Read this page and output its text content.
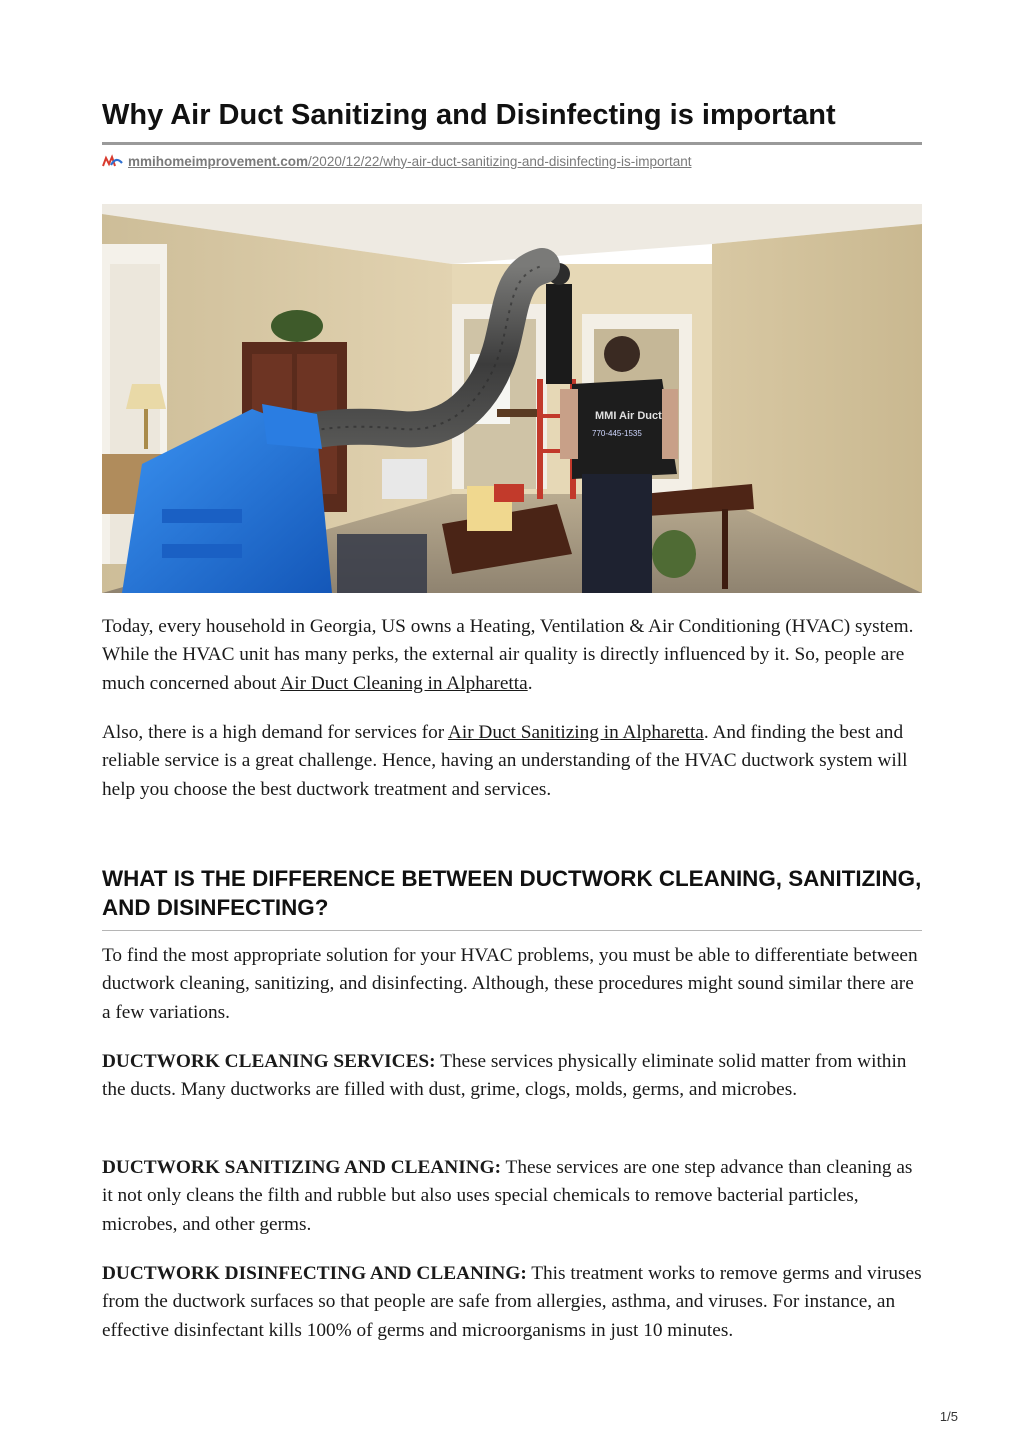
Why Air Duct Sanitizing and Disinfecting is important
mmihomeimprovement.com/2020/12/22/why-air-duct-sanitizing-and-disinfecting-is-important
MMI Air Duct
770-445-1535

Today, every household in Georgia, US owns a Heating, Ventilation & Air Conditioning (HVAC) system. While the HVAC unit has many perks, the external air quality is directly influenced by it. So, people are much concerned about Air Duct Cleaning in Alpharetta.

Also, there is a high demand for services for Air Duct Sanitizing in Alpharetta. And finding the best and reliable service is a great challenge. Hence, having an understanding of the HVAC ductwork system will help you choose the best ductwork treatment and services.

WHAT IS THE DIFFERENCE BETWEEN DUCTWORK CLEANING, SANITIZING, AND DISINFECTING?

To find the most appropriate solution for your HVAC problems, you must be able to differentiate between ductwork cleaning, sanitizing, and disinfecting. Although, these procedures might sound similar there are a few variations.

DUCTWORK CLEANING SERVICES: These services physically eliminate solid matter from within the ducts. Many ductworks are filled with dust, grime, clogs, molds, germs, and microbes.

DUCTWORK SANITIZING AND CLEANING: These services are one step advance than cleaning as it not only cleans the filth and rubble but also uses special chemicals to remove bacterial particles, microbes, and other germs.

DUCTWORK DISINFECTING AND CLEANING: This treatment works to remove germs and viruses from the ductwork surfaces so that people are safe from allergies, asthma, and viruses. For instance, an effective disinfectant kills 100% of germs and microorganisms in just 10 minutes.

1/5
